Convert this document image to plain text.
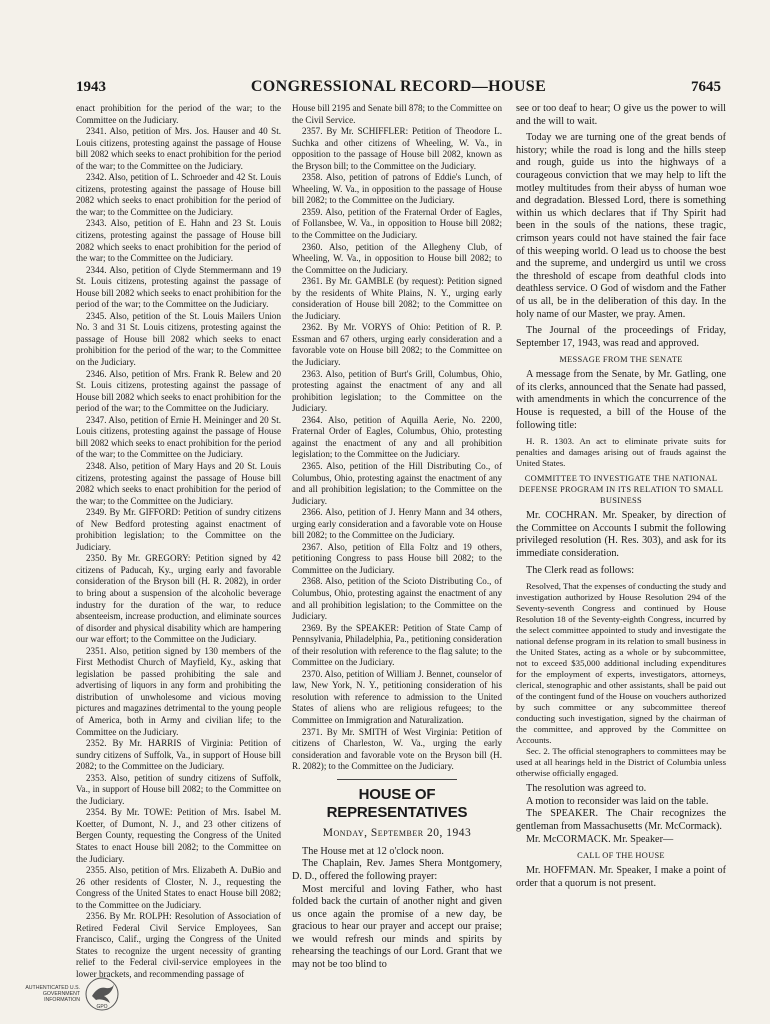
1943	CONGRESSIONAL RECORD—HOUSE	7645

enact prohibition for the period of the war; to the Committee on the Judiciary.

2341. Also, petition of Mrs. Jos. Hauser and 40 St. Louis citizens, protesting against the passage of House bill 2082 which seeks to enact prohibition for the period of the war; to the Committee on the Judiciary.

2342. Also, petition of L. Schroeder and 42 St. Louis citizens, protesting against the passage of House bill 2082 which seeks to enact prohibition for the period of the war; to the Committee on the Judiciary.

2343. Also, petition of E. Hahn and 23 St. Louis citizens, protesting against the passage of House bill 2082 which seeks to enact prohibition for the period of the war; to the Committee on the Judiciary.

2344. Also, petition of Clyde Stemmermann and 19 St. Louis citizens, protesting against the passage of House bill 2082 which seeks to enact prohibition for the period of the war; to the Committee on the Judiciary.

2345. Also, petition of the St. Louis Mailers Union No. 3 and 31 St. Louis citizens, protesting against the passage of House bill 2082 which seeks to enact prohibition for the period of the war; to the Committee on the Judiciary.

2346. Also, petition of Mrs. Frank R. Belew and 20 St. Louis citizens, protesting against the passage of House bill 2082 which seeks to enact prohibition for the period of the war; to the Committee on the Judiciary.

2347. Also, petition of Ernie H. Meininger and 20 St. Louis citizens, protesting against the passage of House bill 2082 which seeks to enact prohibition for the period of the war; to the Committee on the Judiciary.

2348. Also, petition of Mary Hays and 20 St. Louis citizens, protesting against the passage of House bill 2082 which seeks to enact prohibition for the period of the war; to the Committee on the Judiciary.

2349. By Mr. GIFFORD: Petition of sundry citizens of New Bedford protesting against enactment of prohibition legislation; to the Committee on the Judiciary.

2350. By Mr. GREGORY: Petition signed by 42 citizens of Paducah, Ky., urging early and favorable consideration of the Bryson bill (H. R. 2082), in order to bring about a suspension of the alcoholic beverage industry for the duration of the war, to reduce absenteeism, increase production, and eliminate sources of disorder and physical disability which are hampering our war effort; to the Committee on the Judiciary.

2351. Also, petition signed by 130 members of the First Methodist Church of Mayfield, Ky., asking that legislation be passed prohibiting the sale and advertising of liquors in any form and prohibiting the distribution of unwholesome and vicious moving pictures and magazines detrimental to the young people of America, both in Army and civilian life; to the Committee on the Judiciary.

2352. By Mr. HARRIS of Virginia: Petition of sundry citizens of Suffolk, Va., in support of House bill 2082; to the Committee on the Judiciary.

2353. Also, petition of sundry citizens of Suffolk, Va., in support of House bill 2082; to the Committee on the Judiciary.

2354. By Mr. TOWE: Petition of Mrs. Isabel M. Koetter, of Dumont, N. J., and 23 other citizens of Bergen County, requesting the Congress of the United States to enact House bill 2082; to the Committee on the Judiciary.

2355. Also, petition of Mrs. Elizabeth A. DuBio and 26 other residents of Closter, N. J., requesting the Congress of the United States to enact House bill 2082; to the Committee on the Judiciary.

2356. By Mr. ROLPH: Resolution of Association of Retired Federal Civil Service Employees, San Francisco, Calif., urging the Congress of the United States to recognize the urgent necessity of granting relief to the Federal civil-service employees in the lower brackets, and recommending passage of

House bill 2195 and Senate bill 878; to the Committee on the Civil Service.

2357. By Mr. SCHIFFLER: Petition of Theodore L. Suchka and other citizens of Wheeling, W. Va., in opposition to the passage of House bill 2082, known as the Bryson bill; to the Committee on the Judiciary.

2358. Also, petition of patrons of Eddie's Lunch, of Wheeling, W. Va., in opposition to the passage of House bill 2082; to the Committee on the Judiciary.

2359. Also, petition of the Fraternal Order of Eagles, of Follansbee, W. Va., in opposition to House bill 2082; to the Committee on the Judiciary.

2360. Also, petition of the Allegheny Club, of Wheeling, W. Va., in opposition to House bill 2082; to the Committee on the Judiciary.

2361. By Mr. GAMBLE (by request): Petition signed by the residents of White Plains, N. Y., urging early consideration of House bill 2082; to the Committee on the Judiciary.

2362. By Mr. VORYS of Ohio: Petition of R. P. Essman and 67 others, urging early consideration and a favorable vote on House bill 2082; to the Committee on the Judiciary.

2363. Also, petition of Burt's Grill, Columbus, Ohio, protesting against the enactment of any and all prohibition legislation; to the Committee on the Judiciary.

2364. Also, petition of Aquilla Aerie, No. 2200, Fraternal Order of Eagles, Columbus, Ohio, protesting against the enactment of any and all prohibition legislation; to the Committee on the Judiciary.

2365. Also, petition of the Hill Distributing Co., of Columbus, Ohio, protesting against the enactment of any and all prohibition legislation; to the Committee on the Judiciary.

2366. Also, petition of J. Henry Mann and 34 others, urging early consideration and a favorable vote on House bill 2082; to the Committee on the Judiciary.

2367. Also, petition of Ella Foltz and 19 others, petitioning Congress to pass House bill 2082; to the Committee on the Judiciary.

2368. Also, petition of the Scioto Distributing Co., of Columbus, Ohio, protesting against the enactment of any and all prohibition legislation; to the Committee on the Judiciary.

2369. By the SPEAKER: Petition of State Camp of Pennsylvania, Philadelphia, Pa., petitioning consideration of their resolution with reference to the flag salute; to the Committee on the Judiciary.

2370. Also, petition of William J. Bennet, counselor of law, New York, N. Y., petitioning consideration of his resolution with reference to admission to the United States of aliens who are religious refugees; to the Committee on Immigration and Naturalization.

2371. By Mr. SMITH of West Virginia: Petition of citizens of Charleston, W. Va., urging the early consideration and favorable vote on the Bryson bill (H. R. 2082); to the Committee on the Judiciary.

HOUSE OF REPRESENTATIVES
Monday, September 20, 1943

The House met at 12 o'clock noon.

The Chaplain, Rev. James Shera Montgomery, D. D., offered the following prayer:

Most merciful and loving Father, who hast folded back the curtain of another night and given us once again the promise of a new day, be gracious to hear our prayer and accept our praise; we would refresh our minds and spirits by rehearsing the teachings of our Lord. Grant that we may not be too blind to

see or too deaf to hear; O give us the power to will and the will to wait.

Today we are turning one of the great bends of history; while the road is long and the hills steep and rough, guide us into the highways of a courageous conviction that we may help to lift the motley multitudes from their abyss of human woe and degradation. Blessed Lord, there is something within us which declares that if Thy Spirit had been in the souls of the nations, these tragic, crimson years could not have stained the fair face of this weeping world. O lead us to choose the best and the supreme, and undergird us until we cross the threshold of escape from deathful clods into deathless service. O God of wisdom and the Father of us all, be in the deliberation of this day. In the holy name of our Master, we pray. Amen.

The Journal of the proceedings of Friday, September 17, 1943, was read and approved.

MESSAGE FROM THE SENATE

A message from the Senate, by Mr. Gatling, one of its clerks, announced that the Senate had passed, with amendments in which the concurrence of the House is requested, a bill of the House of the following title:

H. R. 1303. An act to eliminate private suits for penalties and damages arising out of frauds against the United States.

COMMITTEE TO INVESTIGATE THE NATIONAL DEFENSE PROGRAM IN ITS RELATION TO SMALL BUSINESS

Mr. COCHRAN. Mr. Speaker, by direction of the Committee on Accounts I submit the following privileged resolution (H. Res. 303), and ask for its immediate consideration.

The Clerk read as follows:

Resolved, That the expenses of conducting the study and investigation authorized by House Resolution 294 of the Seventy-seventh Congress and continued by House Resolution 18 of the Seventy-eighth Congress, incurred by the select committee appointed to study and investigate the national defense program in its relation to small business in the United States, acting as a whole or by subcommittee, not to exceed $35,000 additional including expenditures for the employment of experts, investigators, attorneys, clerical, stenographic and other assistants, shall be paid out of the contingent fund of the House on vouchers authorized by such committee or any subcommittee thereof conducting such investigation, signed by the chairman of the committee, and approved by the Committee on Accounts.

Sec. 2. The official stenographers to committees may be used at all hearings held in the District of Columbia unless otherwise officially engaged.

The resolution was agreed to.

A motion to reconsider was laid on the table.

The SPEAKER. The Chair recognizes the gentleman from Massachusetts (Mr. McCormack).

Mr. McCORMACK. Mr. Speaker—

CALL OF THE HOUSE

Mr. HOFFMAN. Mr. Speaker, I make a point of order that a quorum is not present.

AUTHENTICATED U.S. GOVERNMENT INFORMATION
GPO
